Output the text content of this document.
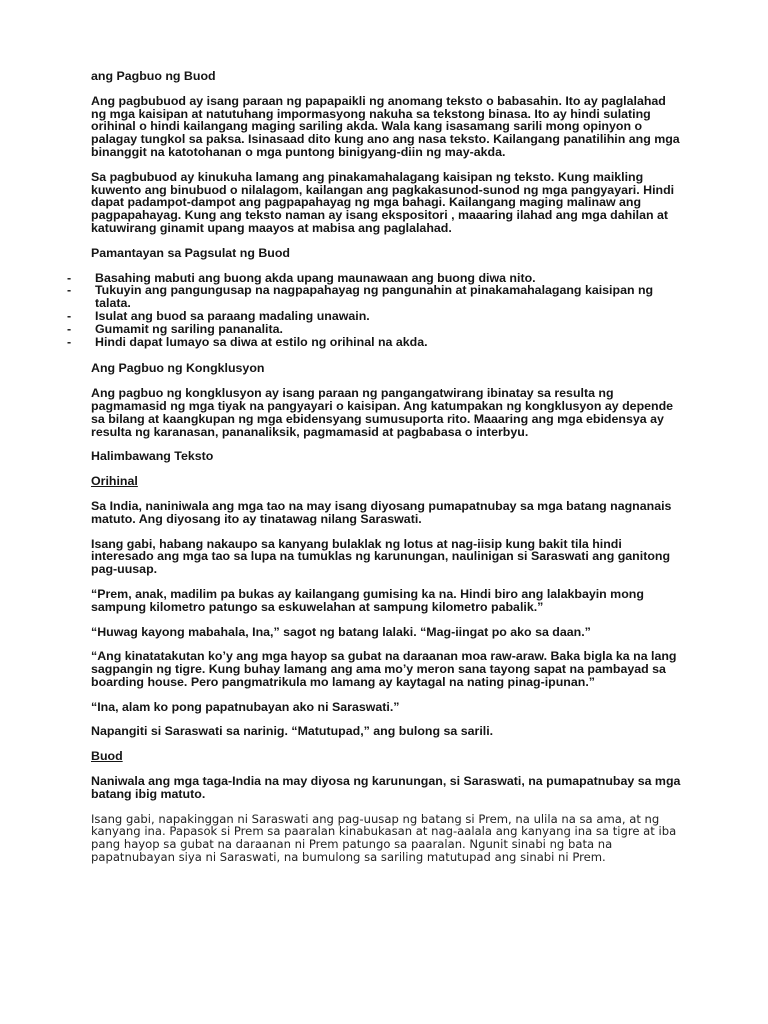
ang Pagbuo ng Buod

Ang pagbubuod ay isang paraan ng papapaikli ng anomang teksto o babasahin. Ito ay paglalahad ng mga kaisipan at natutuhang impormasyong nakuha sa tekstong binasa. Ito ay hindi sulating orihinal o hindi kailangang maging sariling akda. Wala kang isasamang sarili mong opinyon o palagay tungkol sa paksa. Isinasaad dito kung ano ang nasa teksto. Kailangang panatilihin ang mga binanggit na katotohanan o mga puntong binigyang-diin ng may-akda.

Sa pagbubuod ay kinukuha lamang ang pinakamahalagang kaisipan ng teksto. Kung maikling kuwento ang binubuod o nilalagom, kailangan ang pagkakasunod-sunod ng mga pangyayari. Hindi dapat padampot-dampot ang pagpapahayag ng mga bahagi. Kailangang maging malinaw ang pagpapahayag. Kung ang teksto naman ay isang ekspositori , maaaring ilahad ang mga dahilan at katuwirang ginamit upang maayos at mabisa ang paglalahad.

Pamantayan sa Pagsulat ng Buod

-	Basahing mabuti ang buong akda upang maunawaan ang buong diwa nito.
-	Tukuyin ang pangungusap na nagpapahayag ng pangunahin at pinakamahalagang kaisipan ng talata.
-	Isulat ang buod sa paraang madaling unawain.
-	Gumamit ng sariling pananalita.
-	Hindi dapat lumayo sa diwa at estilo ng orihinal na akda.

Ang Pagbuo ng Kongklusyon

Ang pagbuo ng kongklusyon ay isang paraan ng pangangatwirang ibinatay sa resulta ng pagmamasid ng mga tiyak na pangyayari o kaisipan. Ang katumpakan ng kongklusyon ay depende sa bilang at kaangkupan ng mga ebidensyang sumusuporta rito. Maaaring ang mga ebidensya ay resulta ng karanasan, pananaliksik, pagmamasid at pagbabasa o interbyu.

Halimbawang Teksto

Orihinal

Sa India, naniniwala ang mga tao na may isang diyosang pumapatnubay sa mga batang nagnanais matuto. Ang diyosang ito ay tinatawag nilang Saraswati.

Isang gabi, habang nakaupo sa kanyang bulaklak ng lotus at nag-iisip kung bakit tila hindi interesado ang mga tao sa lupa na tumuklas ng karunungan, naulinigan si Saraswati ang ganitong pag-uusap.

“Prem, anak, madilim pa bukas ay kailangang gumising ka na. Hindi biro ang lalakbayin mong sampung kilometro patungo sa eskuwelahan at sampung kilometro pabalik.”

“Huwag kayong mabahala, Ina,” sagot ng batang lalaki. “Mag-iingat po ako sa daan.”

“Ang kinatatakutan ko’y ang mga hayop sa gubat na daraanan moa raw-araw. Baka bigla ka na lang sagpangin ng tigre. Kung buhay lamang ang ama mo’y meron sana tayong sapat na pambayad sa boarding house. Pero pangmatrikula mo lamang ay kaytagal na nating pinag-ipunan.”

“Ina, alam ko pong papatnubayan ako ni Saraswati.”

Napangiti si Saraswati sa narinig. “Matutupad,” ang bulong sa sarili.

Buod

Naniwala ang mga taga-India na may diyosa ng karunungan, si Saraswati, na pumapatnubay sa mga batang ibig matuto.

Isang gabi, napakinggan ni Saraswati ang pag-uusap ng batang si Prem, na ulila na sa ama, at ng kanyang ina. Papasok si Prem sa paaralan kinabukasan at nag-aalala ang kanyang ina sa tigre at iba pang hayop sa gubat na daraanan ni Prem patungo sa paaralan. Ngunit sinabi ng bata na papatnubayan siya ni Saraswati, na bumulong sa sariling matutupad ang sinabi ni Prem.
